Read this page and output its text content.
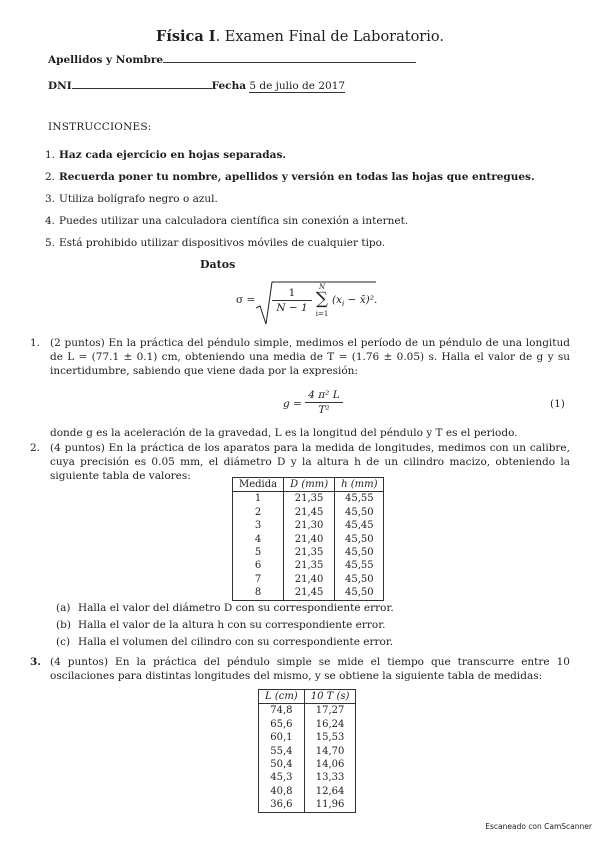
Física I. Examen Final de Laboratorio.
Apellidos y Nombre
DNI	Fecha 5 de julio de 2017
INSTRUCCIONES:
1. Haz cada ejercicio en hojas separadas.
2. Recuerda poner tu nombre, apellidos y versión en todas las hojas que entregues.
3. Utiliza bolígrafo negro o azul.
4. Puedes utilizar una calculadora científica sin conexión a internet.
5. Está prohibido utilizar dispositivos móviles de cualquier tipo.
Datos
$\sigma = \frac{1}{N - 1}$ N
∑
i=1
($x_i$ − x̄)².
1. (2 puntos) En la práctica del péndulo simple, medimos el período de un péndulo de una longitud de L = (77.1 ± 0.1) cm, obteniendo una media de T = (1.76 ± 0.05) s. Halla el valor de g y su incertidumbre, sabiendo que viene dada por la expresión:
$g = \frac{\text{4 π² L}}{\text{T²}}$	(1)
donde g es la aceleración de la gravedad, L es la longitud del péndulo y T es el periodo.
2. (4 puntos) En la práctica de los aparatos para la medida de longitudes, medimos con un calibre, cuya precisión es 0.05 mm, el diámetro D y la altura h de un cilindro macizo, obteniendo la siguiente tabla de valores:
Medida	D (mm)	h (mm)
1	21,35	45,55
2	21,45	45,50
3	21,30	45,45
4	21,40	45,50
5	21,35	45,50
6	21,35	45,55
7	21,40	45,50
8	21,45	45,50
(a) Halla el valor del diámetro D con su correspondiente error.
(b) Halla el valor de la altura h con su correspondiente error.
(c) Halla el volumen del cilindro con su correspondiente error.
3. (4 puntos) En la práctica del péndulo simple se mide el tiempo que transcurre entre 10 oscilaciones para distintas longitudes del mismo, y se obtiene la siguiente tabla de medidas:
L (cm)	10 T (s)
74,8	17,27
65,6	16,24
60,1	15,53
55,4	14,70
50,4	14,06
45,3	13,33
40,8	12,64
36,6	11,96
Escaneado con CamScanner
